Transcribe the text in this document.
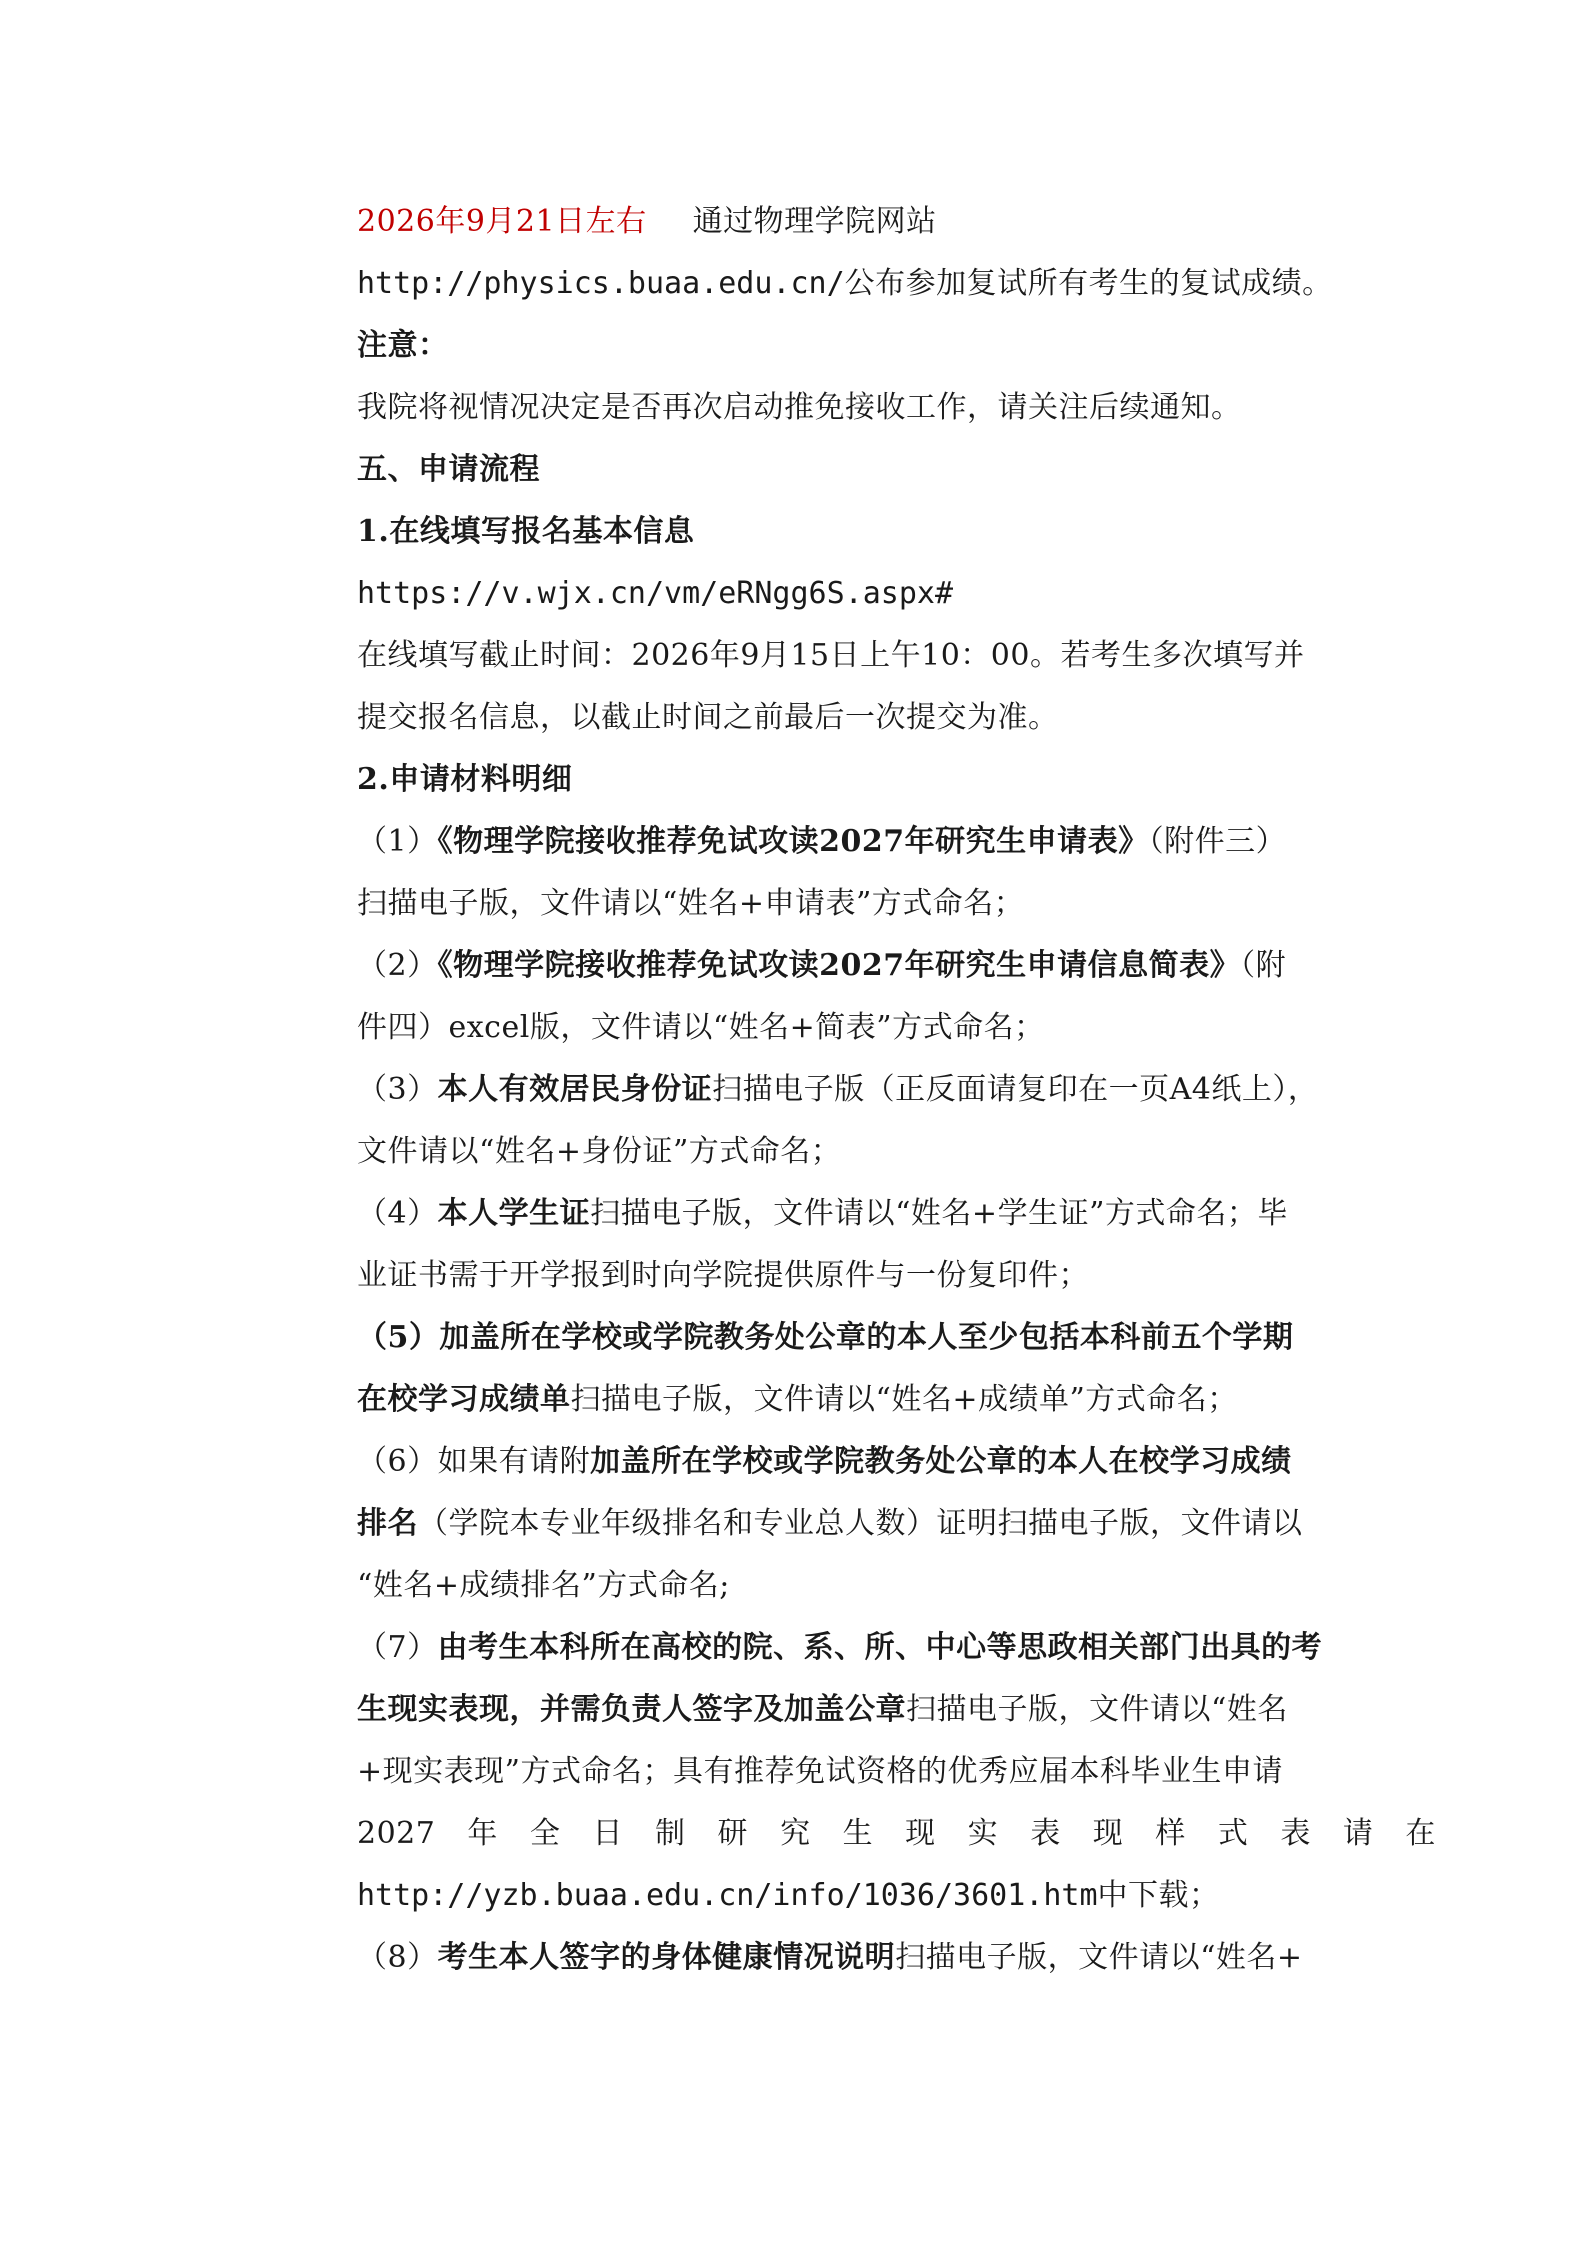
2026年9月21日左右 通过物理学院网站
http://physics.buaa.edu.cn/公布参加复试所有考生的复试成绩。
注意：
我院将视情况决定是否再次启动推免接收工作，请关注后续通知。
五、申请流程
1.在线填写报名基本信息
https://v.wjx.cn/vm/eRNgg6S.aspx#
在线填写截止时间：2026年9月15日上午10：00。若考生多次填写并
提交报名信息，以截止时间之前最后一次提交为准。
2.申请材料明细
（1）《物理学院接收推荐免试攻读2027年研究生申请表》（附件三）
扫描电子版，文件请以“姓名+申请表”方式命名；
（2）《物理学院接收推荐免试攻读2027年研究生申请信息简表》（附
件四）excel版，文件请以“姓名+简表”方式命名；
（3）本人有效居民身份证扫描电子版（正反面请复印在一页A4纸上），
文件请以“姓名+身份证”方式命名；
（4）本人学生证扫描电子版，文件请以“姓名+学生证”方式命名；毕
业证书需于开学报到时向学院提供原件与一份复印件；
（5）加盖所在学校或学院教务处公章的本人至少包括本科前五个学期
在校学习成绩单扫描电子版，文件请以“姓名+成绩单”方式命名；
（6）如果有请附加盖所在学校或学院教务处公章的本人在校学习成绩
排名（学院本专业年级排名和专业总人数）证明扫描电子版，文件请以
“姓名+成绩排名”方式命名;
（7）由考生本科所在高校的院、系、所、中心等思政相关部门出具的考
生现实表现，并需负责人签字及加盖公章扫描电子版，文件请以“姓名
+现实表现”方式命名；具有推荐免试资格的优秀应届本科毕业生申请
2027 年 全 日 制 研 究 生 现 实 表 现 样 式 表 请 在
http://yzb.buaa.edu.cn/info/1036/3601.htm中下载；
（8）考生本人签字的身体健康情况说明扫描电子版，文件请以“姓名+
